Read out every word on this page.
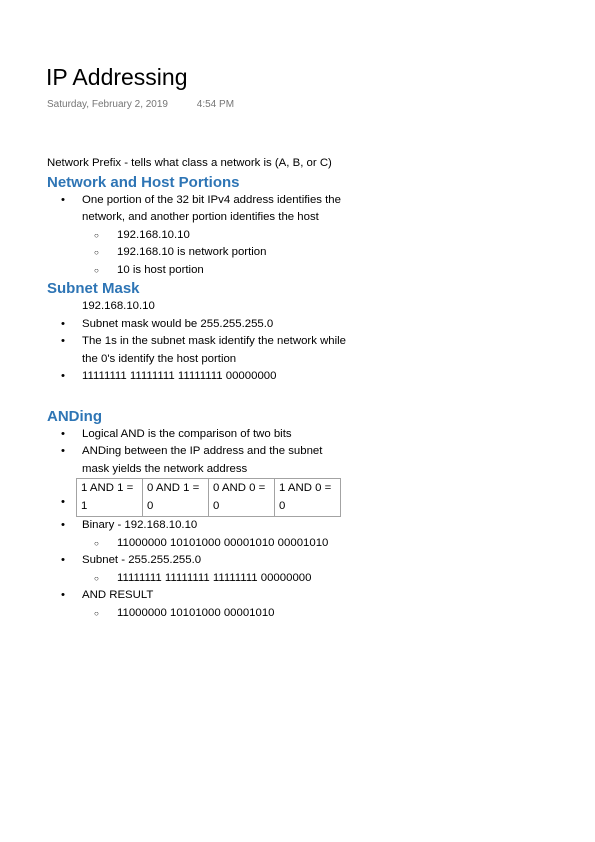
IP Addressing
Saturday, February 2, 2019	4:54 PM

Network Prefix - tells what class a network is (A, B, or C)

Network and Host Portions
• One portion of the 32 bit IPv4 address identifies the network, and another portion identifies the host
○ 192.168.10.10
○ 192.168.10 is network portion
○ 10 is host portion
Subnet Mask

192.168.10.10

• Subnet mask would be 255.255.255.0
• The 1s in the subnet mask identify the network while the 0's identify the host portion
• 11111111 11111111 11111111 00000000
ANDing
• Logical AND is the comparison of two bits
• ANDing between the IP address and the subnet mask yields the network address
• 1 AND 1 = 1	0 AND 1 = 0	0 AND 0 = 0	1 AND 0 = 0
• Binary - 192.168.10.10
○ 11000000 10101000 00001010 00001010
• Subnet - 255.255.255.0
○ 11111111 11111111 11111111 00000000
• AND RESULT
○ 11000000 10101000 00001010
